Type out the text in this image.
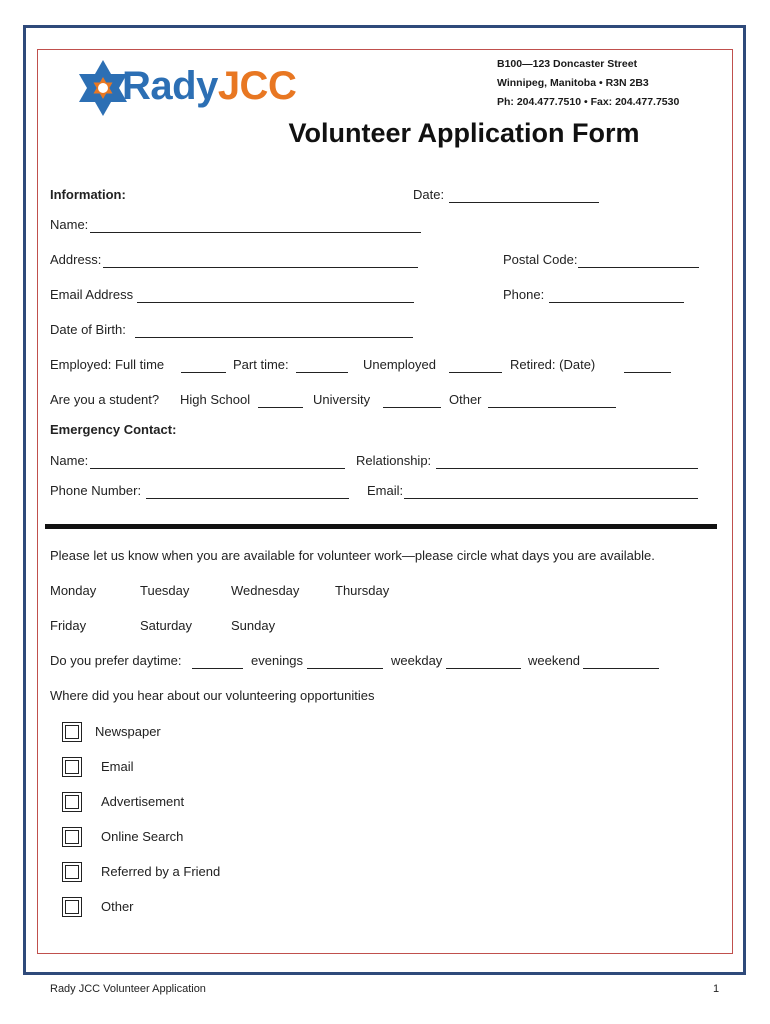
RadyJCC	B100—123 Doncaster Street
Winnipeg, Manitoba • R3N 2B3
Ph: 204.477.7510 • Fax: 204.477.7530
Volunteer Application Form
Information:	Date:
Name:
Address:	Postal Code:
Email Address	Phone:
Date of Birth:
Employed: Full time	Part time:	Unemployed	Retired: (Date)
Are you a student? High School	University	Other
Emergency Contact:
Name:	Relationship:
Phone Number:	Email:
Please let us know when you are available for volunteer work—please circle what days you are available.
Monday	Tuesday	Wednesday	Thursday
Friday	Saturday	Sunday
Do you prefer daytime:	evenings	weekday	weekend
Where did you hear about our volunteering opportunities
Newspaper
Email
Advertisement
Online Search
Referred by a Friend
Other
Rady JCC Volunteer Application	1
